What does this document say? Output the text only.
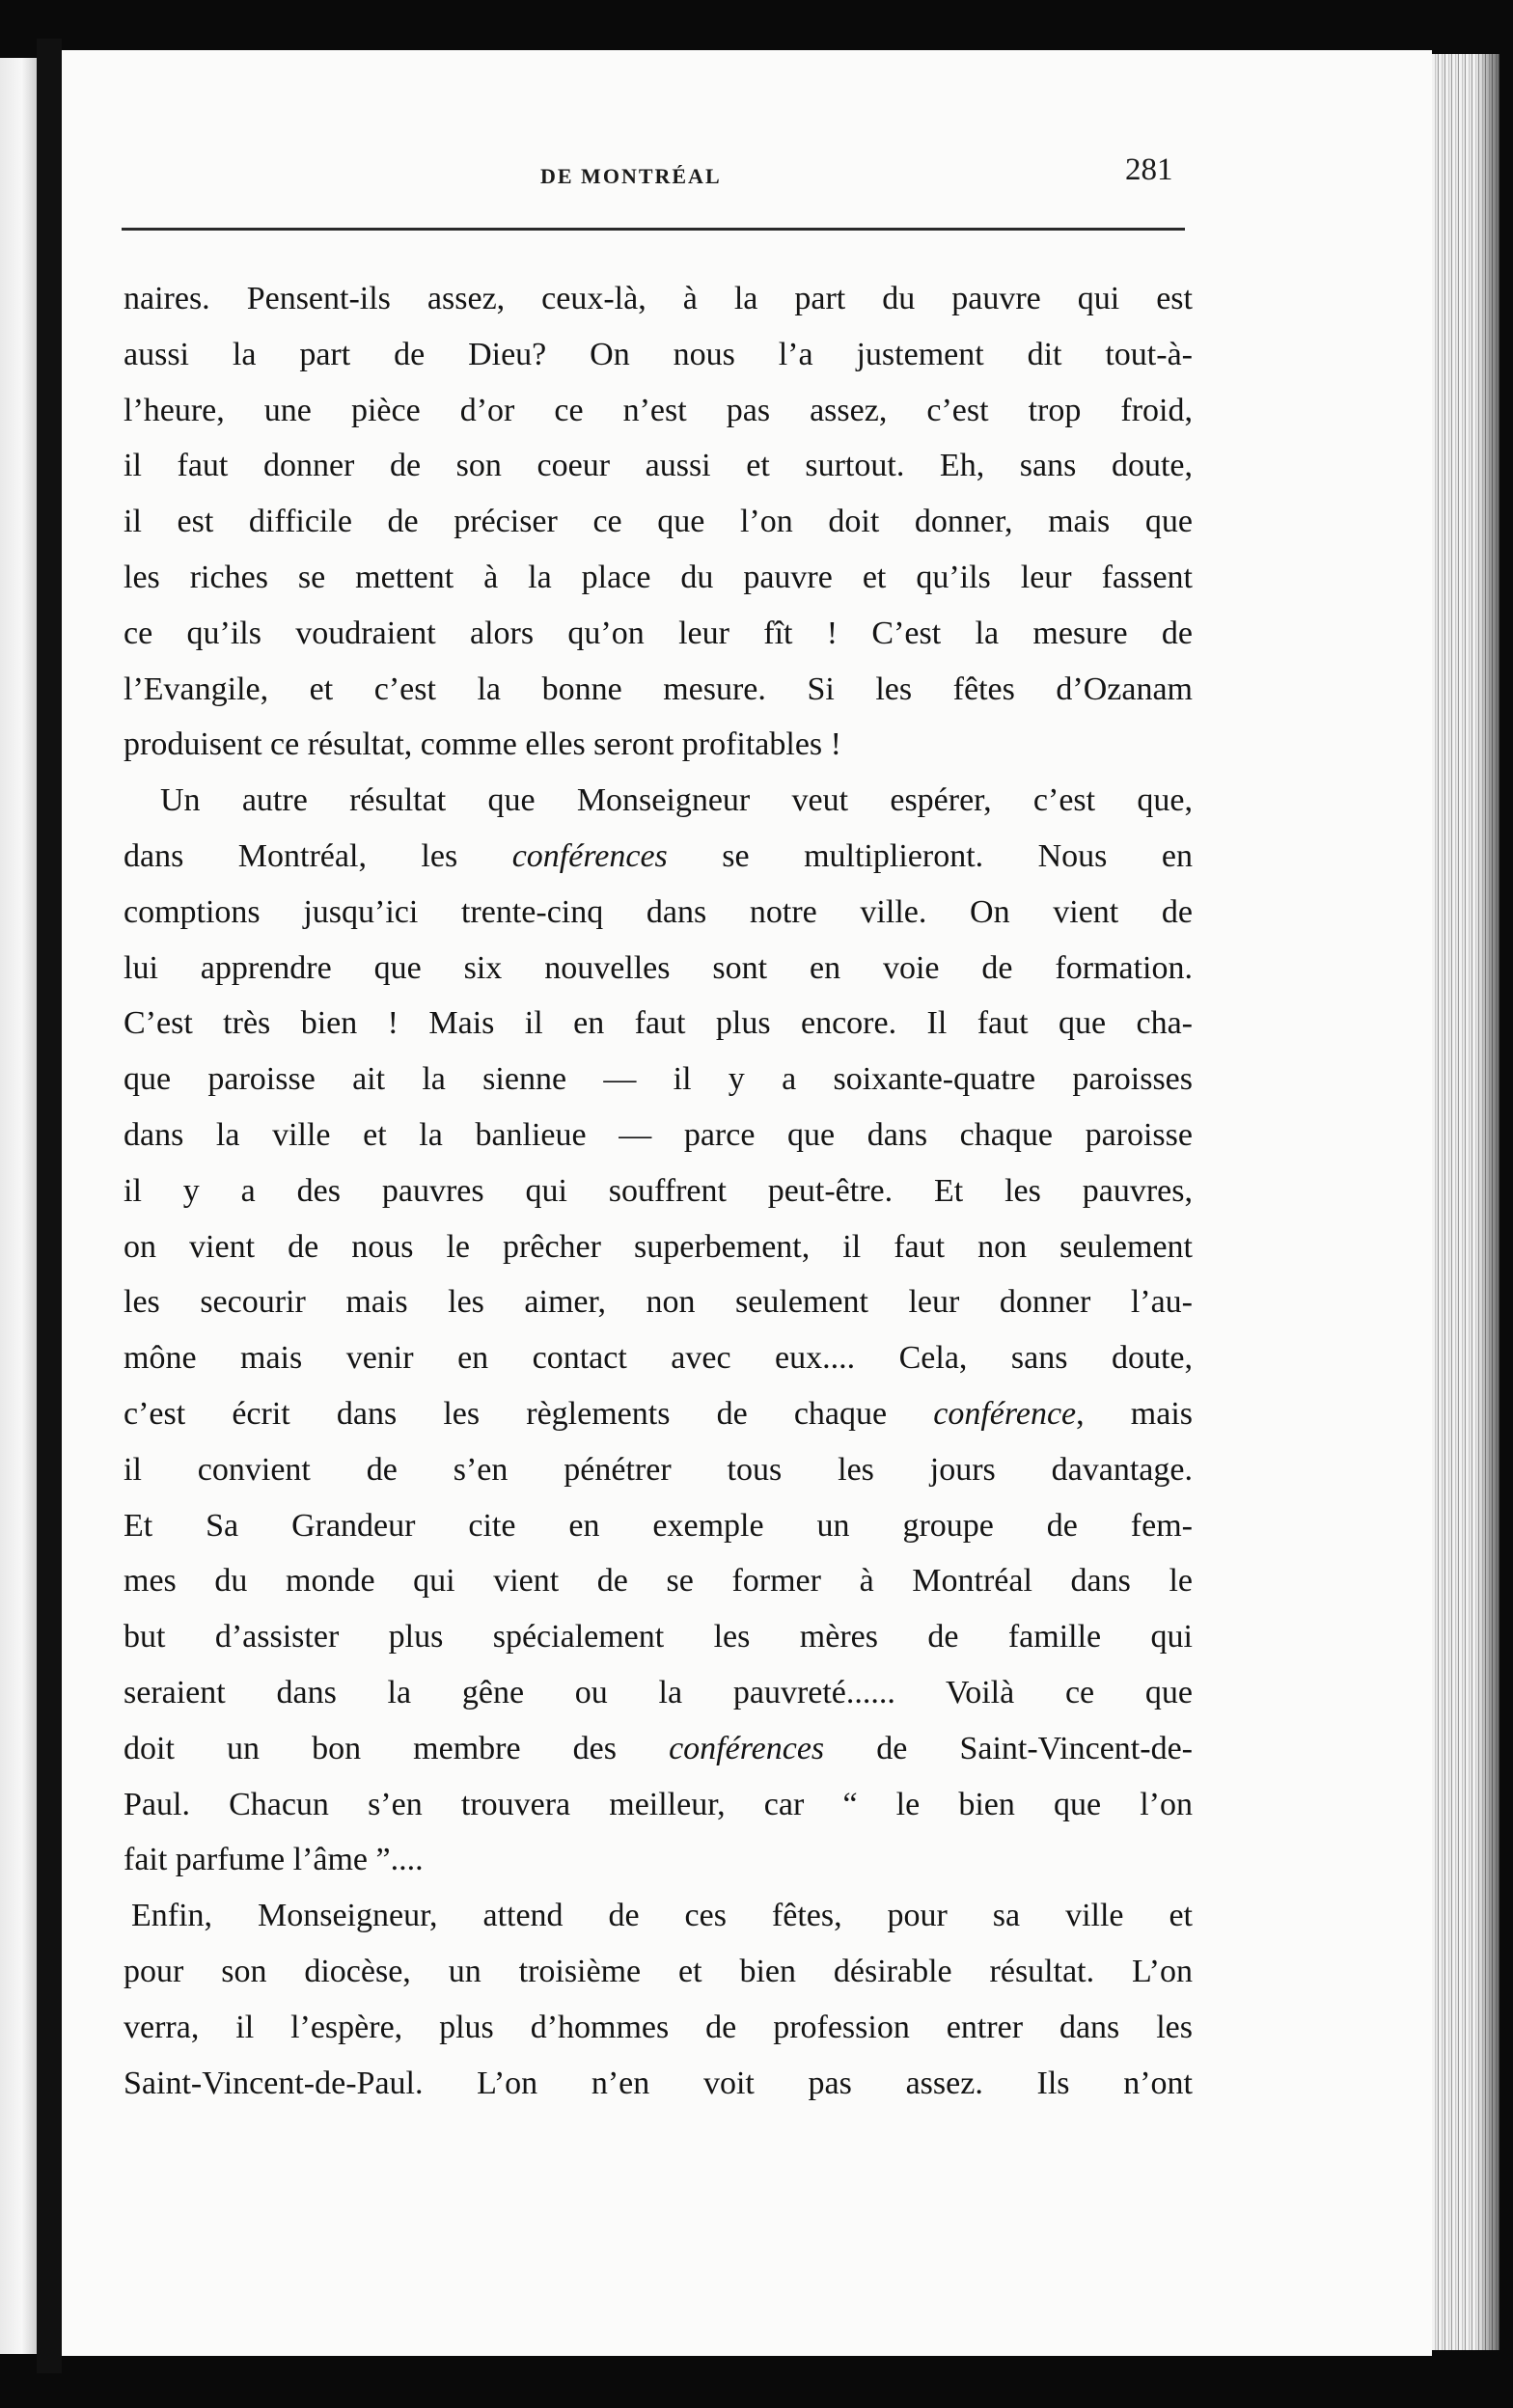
DE MONTRÉAL	281
naires. Pensent-ils assez, ceux-là, à la part du pauvre qui est
aussi la part de Dieu? On nous l’a justement dit tout-à-
l’heure, une pièce d’or ce n’est pas assez, c’est trop froid,
il faut donner de son coeur aussi et surtout. Eh, sans doute,
il est difficile de préciser ce que l’on doit donner, mais que
les riches se mettent à la place du pauvre et qu’ils leur fassent
ce qu’ils voudraient alors qu’on leur fît ! C’est la mesure de
l’Evangile, et c’est la bonne mesure. Si les fêtes d’Ozanam
produisent ce résultat, comme elles seront profitables !
Un autre résultat que Monseigneur veut espérer, c’est que,
dans Montréal, les conférences se multiplieront. Nous en
comptions jusqu’ici trente-cinq dans notre ville. On vient de
lui apprendre que six nouvelles sont en voie de formation.
C’est très bien ! Mais il en faut plus encore. Il faut que cha-
que paroisse ait la sienne — il y a soixante-quatre paroisses
dans la ville et la banlieue — parce que dans chaque paroisse
il y a des pauvres qui souffrent peut-être. Et les pauvres,
on vient de nous le prêcher superbement, il faut non seulement
les secourir mais les aimer, non seulement leur donner l’au-
mône mais venir en contact avec eux.... Cela, sans doute,
c’est écrit dans les règlements de chaque conférence, mais
il convient de s’en pénétrer tous les jours davantage.
Et Sa Grandeur cite en exemple un groupe de fem-
mes du monde qui vient de se former à Montréal dans le
but d’assister plus spécialement les mères de famille qui
seraient dans la gêne ou la pauvreté...... Voilà ce que
doit un bon membre des conférences de Saint-Vincent-de-
Paul. Chacun s’en trouvera meilleur, car “ le bien que l’on
fait parfume l’âme ”....
Enfin, Monseigneur, attend de ces fêtes, pour sa ville et
pour son diocèse, un troisième et bien désirable résultat. L’on
verra, il l’espère, plus d’hommes de profession entrer dans les
Saint-Vincent-de-Paul. L’on n’en voit pas assez. Ils n’ont
